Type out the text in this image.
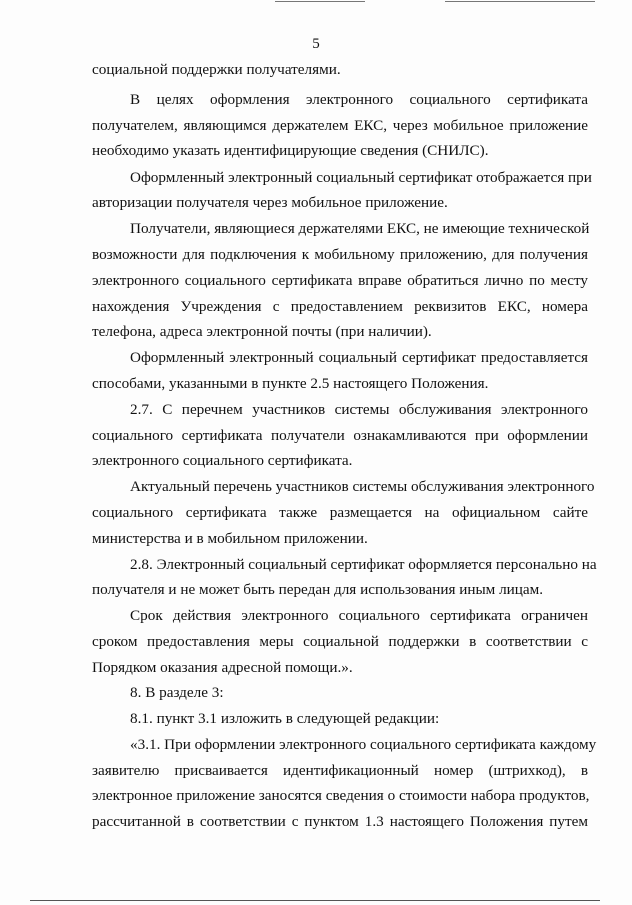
5
социальной поддержки получателями.
В целях оформления электронного социального сертификата
получателем, являющимся держателем ЕКС, через мобильное приложение
необходимо указать идентифицирующие сведения (СНИЛС).
Оформленный электронный социальный сертификат отображается при
авторизации получателя через мобильное приложение.
Получатели, являющиеся держателями ЕКС, не имеющие технической
возможности для подключения к мобильному приложению, для получения
электронного социального сертификата вправе обратиться лично по месту
нахождения Учреждения с предоставлением реквизитов ЕКС, номера
телефона, адреса электронной почты (при наличии).
Оформленный электронный социальный сертификат предоставляется
способами, указанными в пункте 2.5 настоящего Положения.
2.7. С перечнем участников системы обслуживания электронного
социального сертификата получатели ознакамливаются при оформлении
электронного социального сертификата.
Актуальный перечень участников системы обслуживания электронного
социального сертификата также размещается на официальном сайте
министерства и в мобильном приложении.
2.8. Электронный социальный сертификат оформляется персонально на
получателя и не может быть передан для использования иным лицам.
Срок действия электронного социального сертификата ограничен
сроком предоставления меры социальной поддержки в соответствии с
Порядком оказания адресной помощи.».
8. В разделе 3:
8.1. пункт 3.1 изложить в следующей редакции:
«3.1. При оформлении электронного социального сертификата каждому
заявителю присваивается идентификационный номер (штрихкод), в
электронное приложение заносятся сведения о стоимости набора продуктов,
рассчитанной в соответствии с пунктом 1.3 настоящего Положения путем
